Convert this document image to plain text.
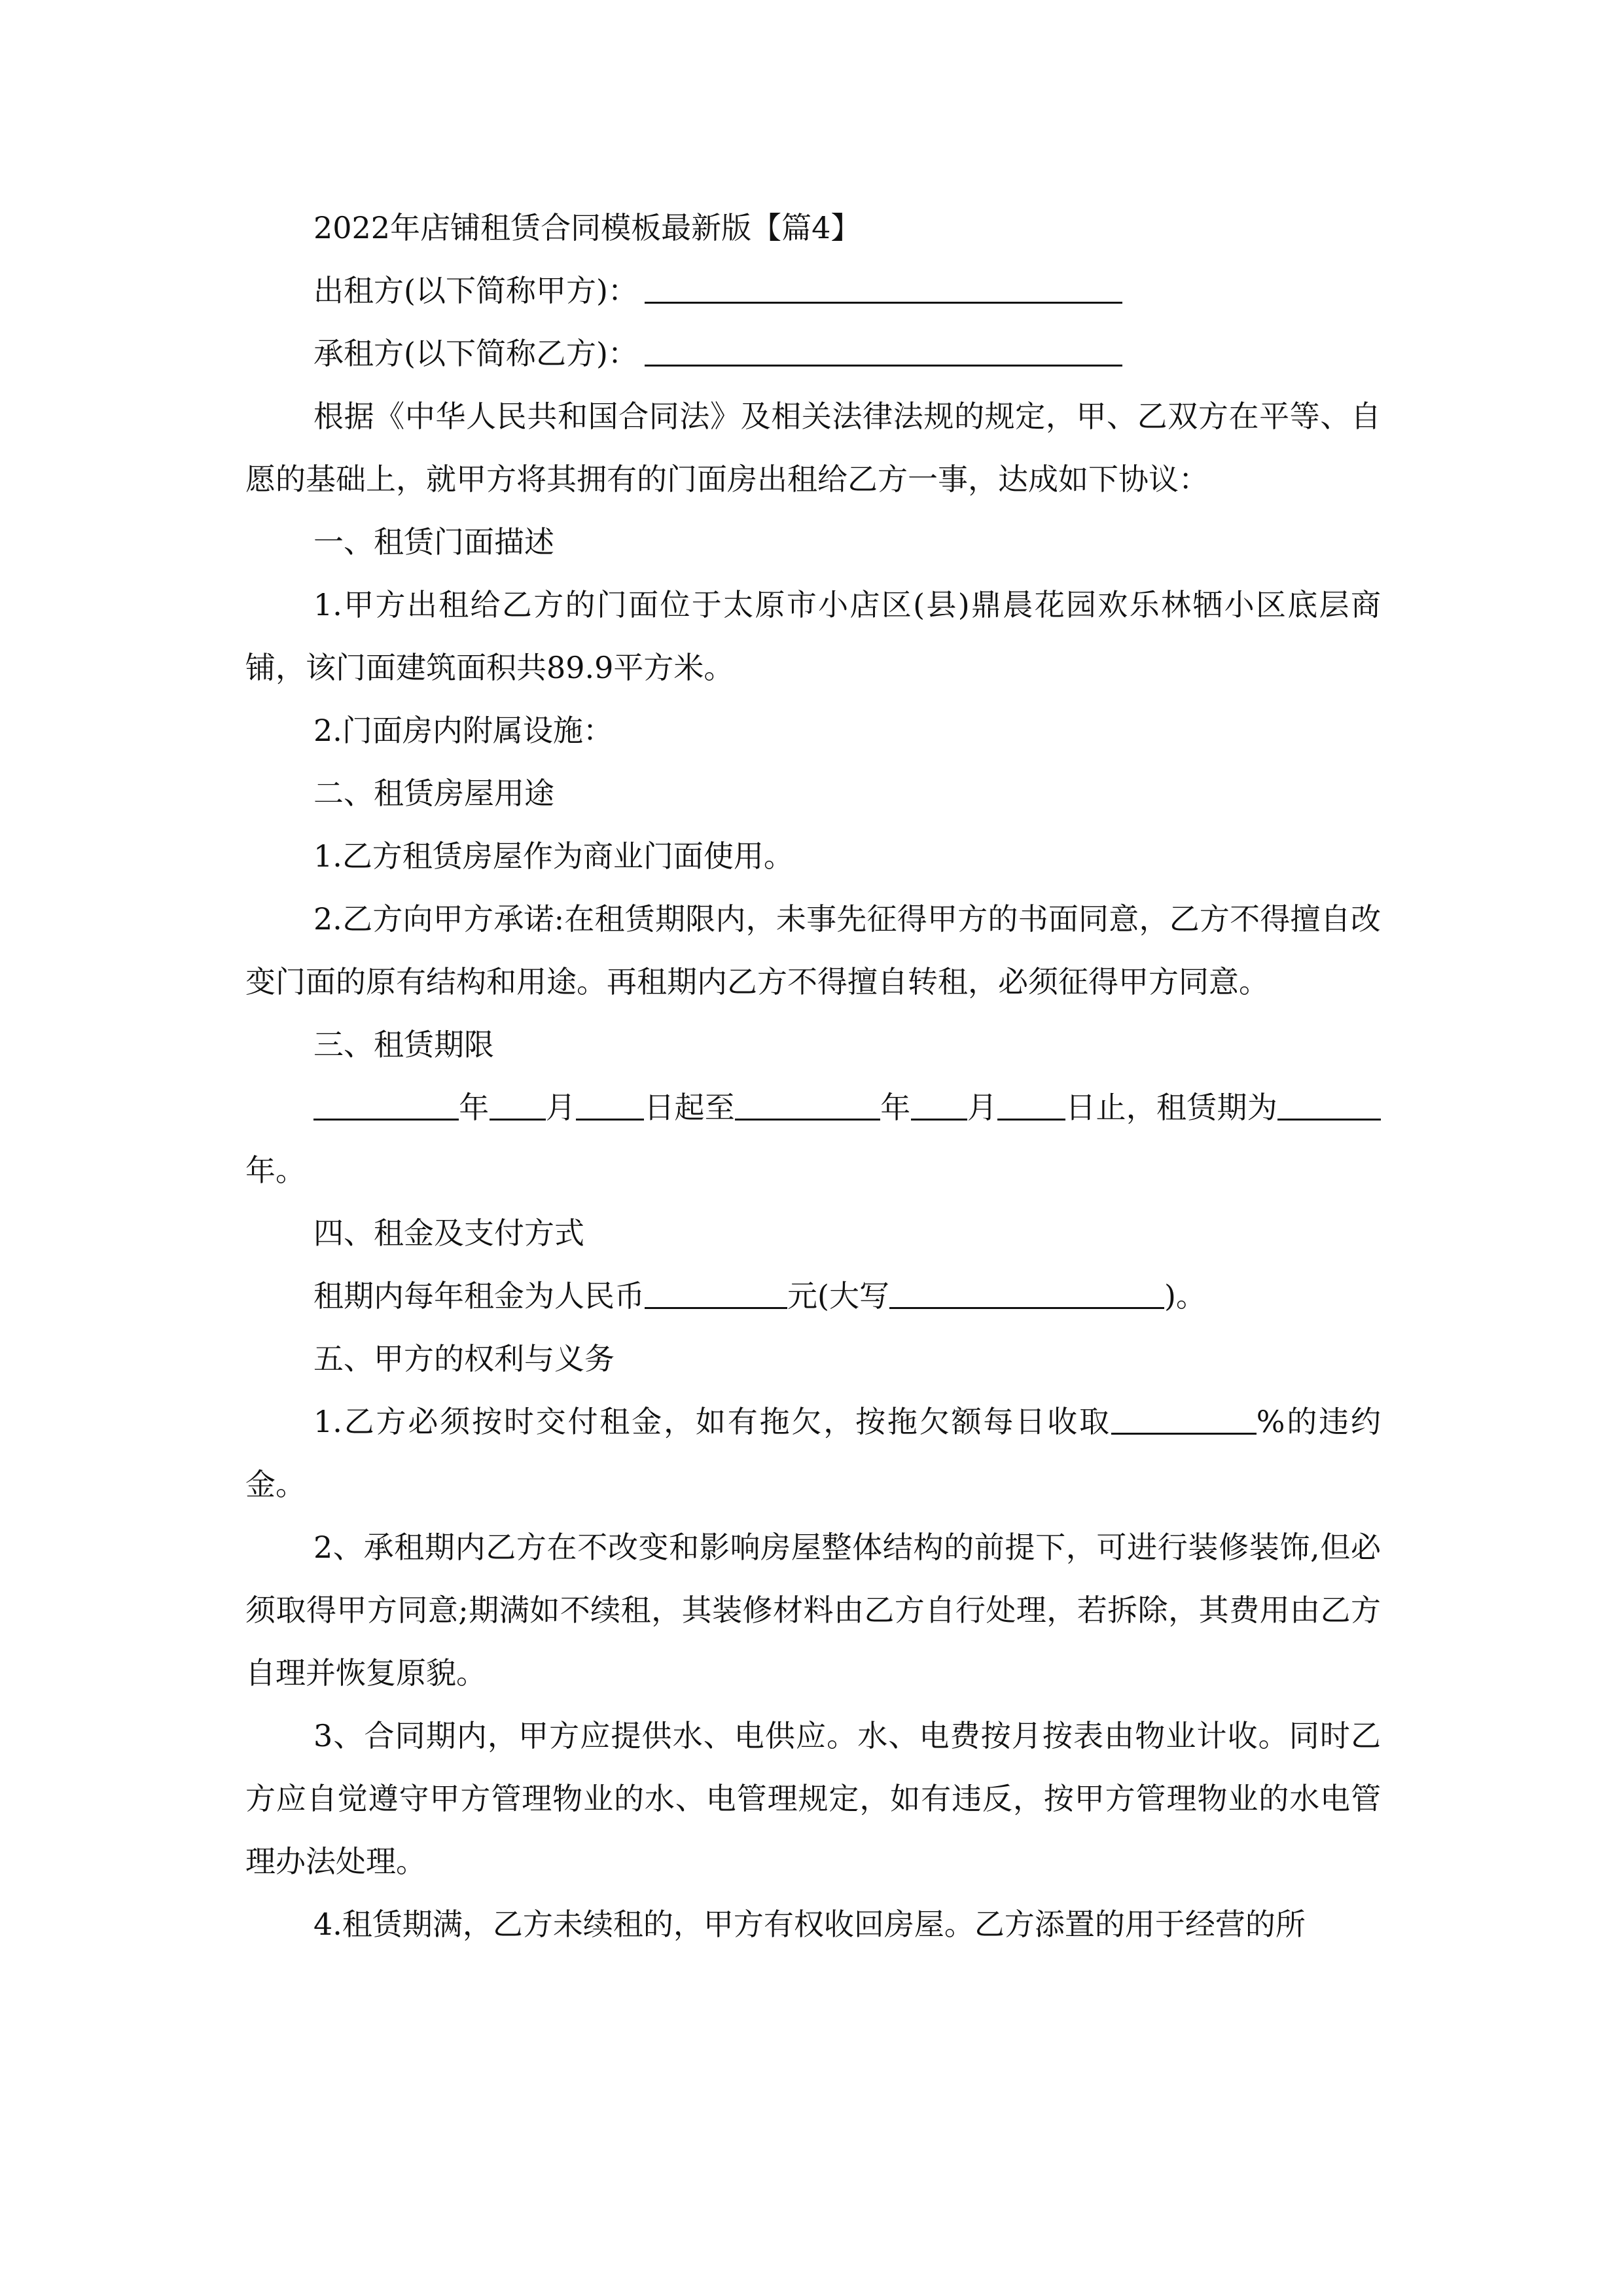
2022年店铺租赁合同模板最新版【篇4】

出租方(以下简称甲方)：

承租方(以下简称乙方)：

根据《中华人民共和国合同法》及相关法律法规的规定，甲、乙双方在平等、自愿的基础上，就甲方将其拥有的门面房出租给乙方一事，达成如下协议：

一、租赁门面描述

1.甲方出租给乙方的门面位于太原市小店区(县)鼎晨花园欢乐林牺小区底层商铺，该门面建筑面积共89.9平方米。

2.门面房内附属设施：

二、租赁房屋用途

1.乙方租赁房屋作为商业门面使用。

2.乙方向甲方承诺:在租赁期限内，未事先征得甲方的书面同意，乙方不得擅自改变门面的原有结构和用途。再租期内乙方不得擅自转租，必须征得甲方同意。

三、租赁期限

年 月 日起至	年 月 日止，租赁期为年。

四、租金及支付方式

租期内每年租金为人民币	元(大写	)。

五、甲方的权利与义务

1.乙方必须按时交付租金，如有拖欠，按拖欠额每日收取	%的违约金。

2、承租期内乙方在不改变和影响房屋整体结构的前提下，可进行装修装饰,但必须取得甲方同意;期满如不续租，其装修材料由乙方自行处理，若拆除，其费用由乙方自理并恢复原貌。

3、合同期内，甲方应提供水、电供应。水、电费按月按表由物业计收。同时乙方应自觉遵守甲方管理物业的水、电管理规定，如有违反，按甲方管理物业的水电管理办法处理。

4.租赁期满，乙方未续租的，甲方有权收回房屋。乙方添置的用于经营的所
